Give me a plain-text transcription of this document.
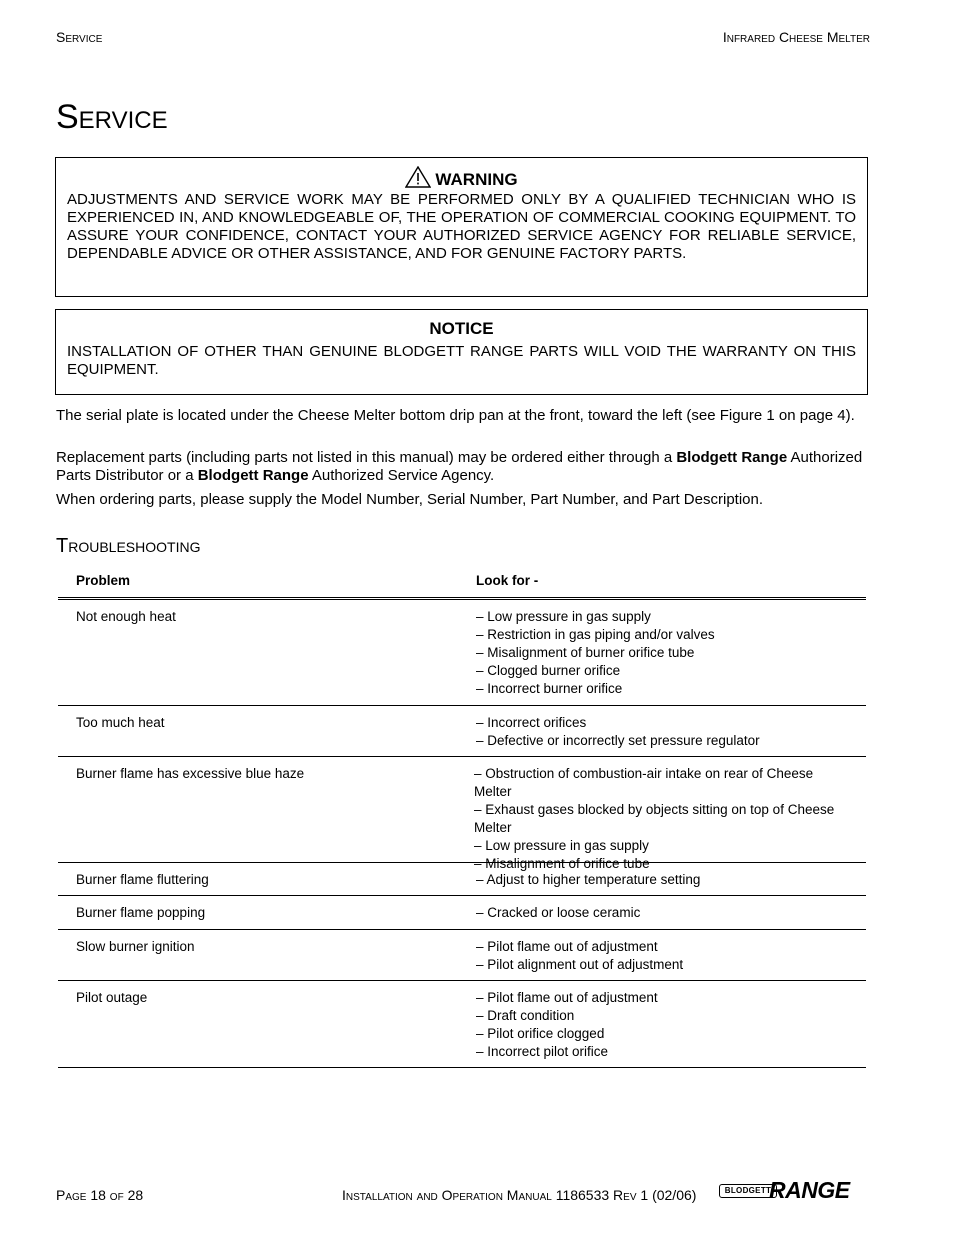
Service	Infrared Cheese Melter
Service
WARNING
ADJUSTMENTS AND SERVICE WORK MAY BE PERFORMED ONLY BY A QUALIFIED TECHNICIAN WHO IS EXPERIENCED IN, AND KNOWLEDGEABLE OF, THE OPERATION OF COMMERCIAL COOKING EQUIPMENT. TO ASSURE YOUR CONFIDENCE, CONTACT YOUR AUTHORIZED SERVICE AGENCY FOR RELIABLE SERVICE, DEPENDABLE ADVICE OR OTHER ASSISTANCE, AND FOR GENUINE FACTORY PARTS.
NOTICE
INSTALLATION OF OTHER THAN GENUINE BLODGETT RANGE PARTS WILL VOID THE WARRANTY ON THIS EQUIPMENT.
The serial plate is located under the Cheese Melter bottom drip pan at the front, toward the left (see Figure 1 on page 4).
Replacement parts (including parts not listed in this manual) may be ordered either through a Blodgett Range Authorized Parts Distributor or a Blodgett Range Authorized Service Agency.
When ordering parts, please supply the Model Number, Serial Number, Part Number, and Part Description.
Troubleshooting
Problem	Look for -
Not enough heat	– Low pressure in gas supply
– Restriction in gas piping and/or valves
– Misalignment of burner orifice tube
– Clogged burner orifice
– Incorrect burner orifice
Too much heat	– Incorrect orifices
– Defective or incorrectly set pressure regulator
Burner flame has excessive blue haze	– Obstruction of combustion-air intake on rear of Cheese Melter
– Exhaust gases blocked by objects sitting on top of Cheese
Melter
– Low pressure in gas supply
– Misalignment of orifice tube
Burner flame fluttering	– Adjust to higher temperature setting
Burner flame popping	– Cracked or loose ceramic
Slow burner ignition	– Pilot flame out of adjustment
– Pilot alignment out of adjustment
Pilot outage	– Pilot flame out of adjustment
– Draft condition
– Pilot orifice clogged
– Incorrect pilot orifice
Page 18 of 28	Installation and Operation Manual 1186533 Rev 1 (02/06)	BLODGETT
RANGE
